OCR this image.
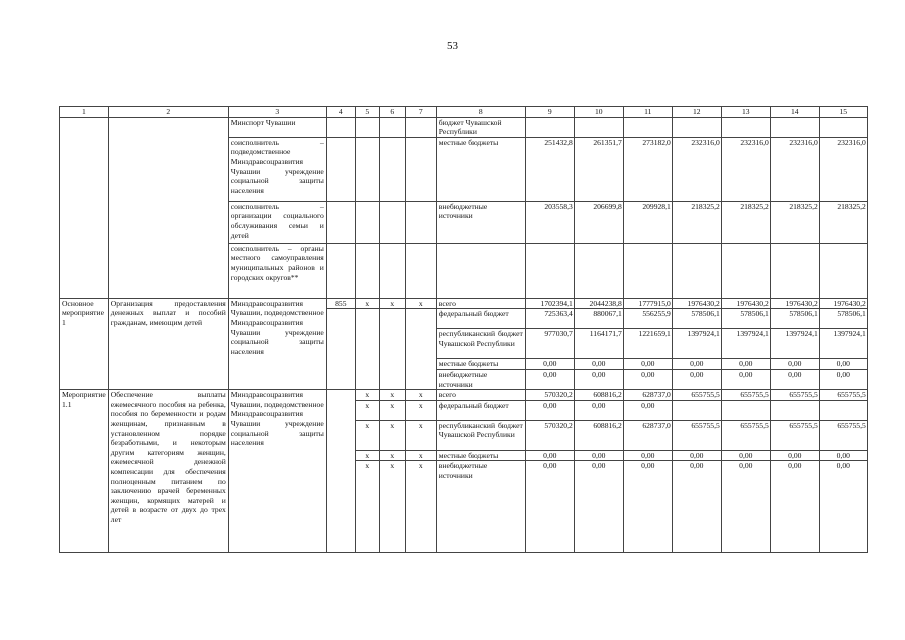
53
1	2	3	4	5	6	7	8	9	10	11	12	13	14	15
		Минспорт Чувашии					бюджет Чувашской Республики							
		соисполнитель – подведомственное Минздравсоцразвития Чувашии учреждение социальной защиты населения					местные бюджеты	251432,8	261351,7	273182,0	232316,0	232316,0	232316,0	232316,0
		соисполнитель – организации социального обслуживания семьи и детей					внебюджетные источники	203558,3	206699,8	209928,1	218325,2	218325,2	218325,2	218325,2
		соисполнитель – органы местного самоуправления муниципальных районов и городских округов**												
Основное мероприятие 1	Организация предоставления денежных выплат и пособий гражданам, имеющим детей	Минздравсоцразвития Чувашии, подведомственное Минздравсоцразвития Чувашии учреждение социальной защиты населения	855	х	х	х	всего	1702394,1	2044238,8	1777915,0	1976430,2	1976430,2	1976430,2	1976430,2
							федеральный бюджет	725363,4	880067,1	556255,9	578506,1	578506,1	578506,1	578506,1
							республиканский бюджет Чувашской Республики	977030,7	1164171,7	1221659,1	1397924,1	1397924,1	1397924,1	1397924,1
							местные бюджеты	0,00	0,00	0,00	0,00	0,00	0,00	0,00
							внебюджетные источники	0,00	0,00	0,00	0,00	0,00	0,00	0,00
Мероприятие 1.1	Обеспечение выплаты ежемесячного пособия на ребенка, пособия по беременности и родам женщинам, признанным в установленном порядке безработными, и некоторым другим категориям женщин, ежемесячной денежной компенсации для обеспечения полноценным питанием по заключению врачей беременных женщин, кормящих матерей и детей в возрасте от двух до трех лет	Минздравсоцразвития Чувашии, подведомственное Минздравсоцразвития Чувашии учреждение социальной защиты населения		х	х	х	всего	570320,2	608816,2	628737,0	655755,5	655755,5	655755,5	655755,5
				х	х	х	федеральный бюджет	0,00	0,00	0,00				
				х	х	х	республиканский бюджет Чувашской Республики	570320,2	608816,2	628737,0	655755,5	655755,5	655755,5	655755,5
				х	х	х	местные бюджеты	0,00	0,00	0,00	0,00	0,00	0,00	0,00
				х	х	х	внебюджетные источники	0,00	0,00	0,00	0,00	0,00	0,00	0,00
